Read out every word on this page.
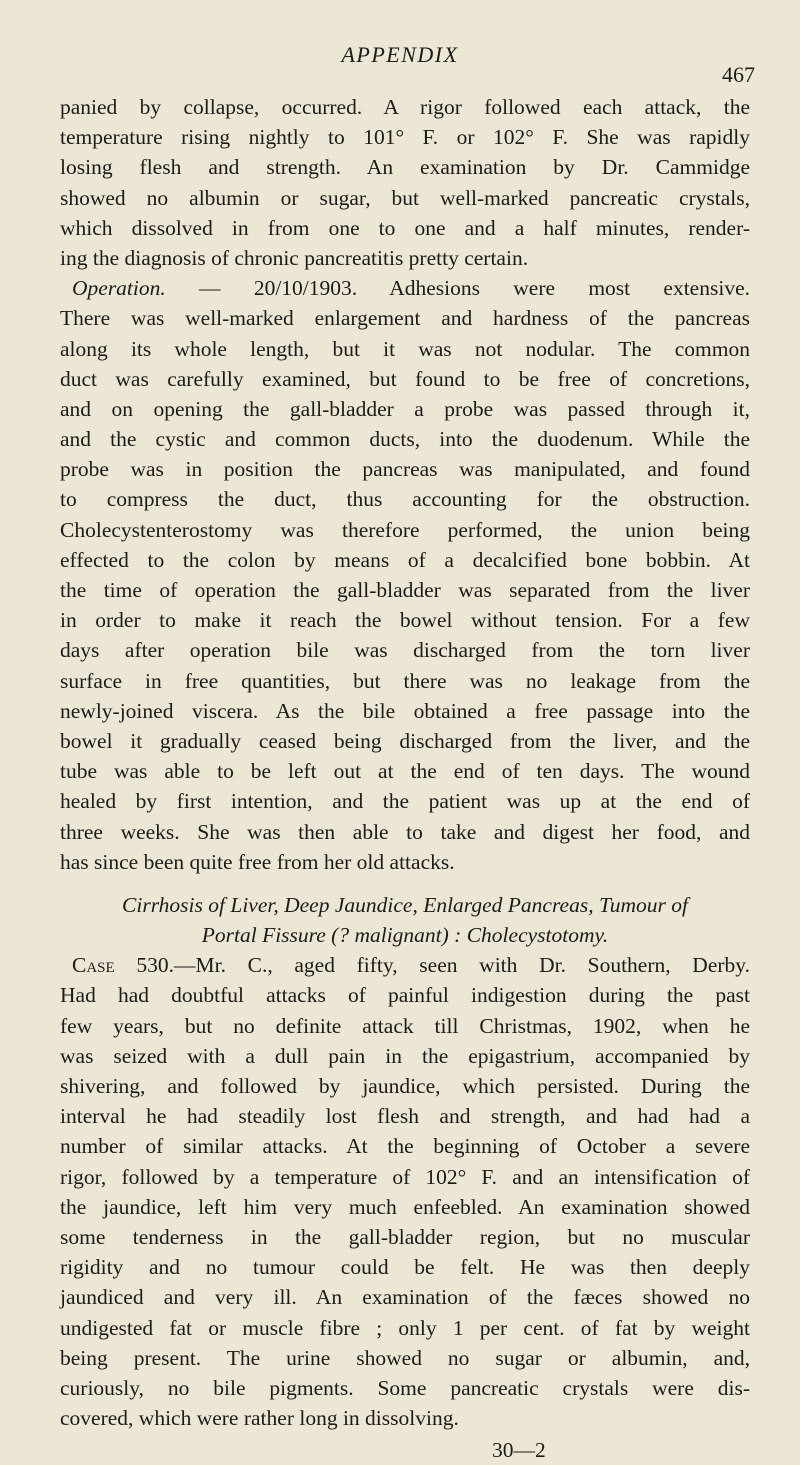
APPENDIX
467
panied by collapse, occurred. A rigor followed each attack, the
temperature rising nightly to 101° F. or 102° F. She was rapidly
losing flesh and strength. An examination by Dr. Cammidge
showed no albumin or sugar, but well-marked pancreatic crystals,
which dissolved in from one to one and a half minutes, render-
ing the diagnosis of chronic pancreatitis pretty certain.
Operation. — 20/10/1903. Adhesions were most extensive.
There was well-marked enlargement and hardness of the pancreas
along its whole length, but it was not nodular. The common
duct was carefully examined, but found to be free of concretions,
and on opening the gall-bladder a probe was passed through it,
and the cystic and common ducts, into the duodenum. While the
probe was in position the pancreas was manipulated, and found
to compress the duct, thus accounting for the obstruction.
Cholecystenterostomy was therefore performed, the union being
effected to the colon by means of a decalcified bone bobbin. At
the time of operation the gall-bladder was separated from the liver
in order to make it reach the bowel without tension. For a few
days after operation bile was discharged from the torn liver
surface in free quantities, but there was no leakage from the
newly-joined viscera. As the bile obtained a free passage into the
bowel it gradually ceased being discharged from the liver, and the
tube was able to be left out at the end of ten days. The wound
healed by first intention, and the patient was up at the end of
three weeks. She was then able to take and digest her food, and
has since been quite free from her old attacks.
Cirrhosis of Liver, Deep Jaundice, Enlarged Pancreas, Tumour of
Portal Fissure (? malignant) : Cholecystotomy.
Case 530.—Mr. C., aged fifty, seen with Dr. Southern, Derby.
Had had doubtful attacks of painful indigestion during the past
few years, but no definite attack till Christmas, 1902, when he
was seized with a dull pain in the epigastrium, accompanied by
shivering, and followed by jaundice, which persisted. During the
interval he had steadily lost flesh and strength, and had had a
number of similar attacks. At the beginning of October a severe
rigor, followed by a temperature of 102° F. and an intensification of
the jaundice, left him very much enfeebled. An examination showed
some tenderness in the gall-bladder region, but no muscular
rigidity and no tumour could be felt. He was then deeply
jaundiced and very ill. An examination of the fæces showed no
undigested fat or muscle fibre ; only 1 per cent. of fat by weight
being present. The urine showed no sugar or albumin, and,
curiously, no bile pigments. Some pancreatic crystals were dis-
covered, which were rather long in dissolving.
30—2
